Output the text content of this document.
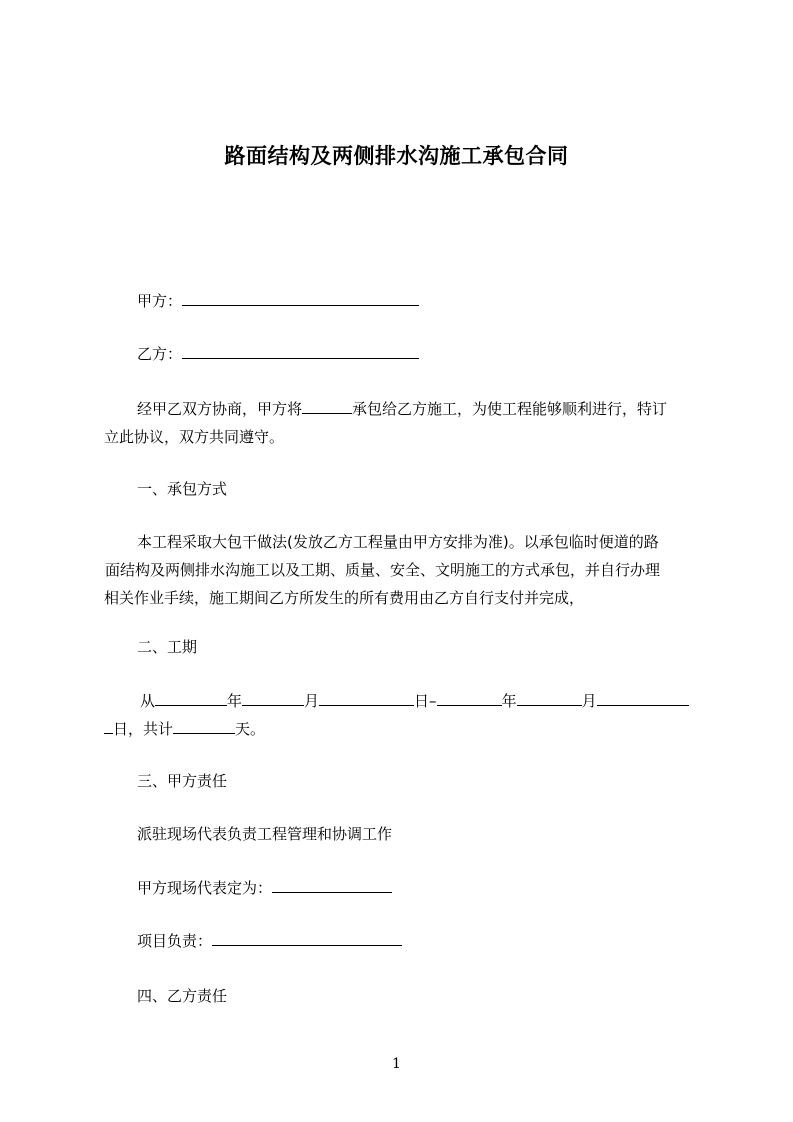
路面结构及两侧排水沟施工承包合同
甲方：
乙方：
经甲乙双方协商，甲方将	承包给乙方施工，为使工程能够顺利进行，特订
立此协议，双方共同遵守。
一、承包方式
本工程采取大包干做法(发放乙方工程量由甲方安排为准)。以承包临时便道的路
面结构及两侧排水沟施工以及工期、质量、安全、文明施工的方式承包，并自行办理
相关作业手续，施工期间乙方所发生的所有费用由乙方自行支付并完成，
二、工期
从	年	月	日–	年	月
日，共计	天。
三、甲方责任
派驻现场代表负责工程管理和协调工作
甲方现场代表定为：
项目负责：
四、乙方责任
1
